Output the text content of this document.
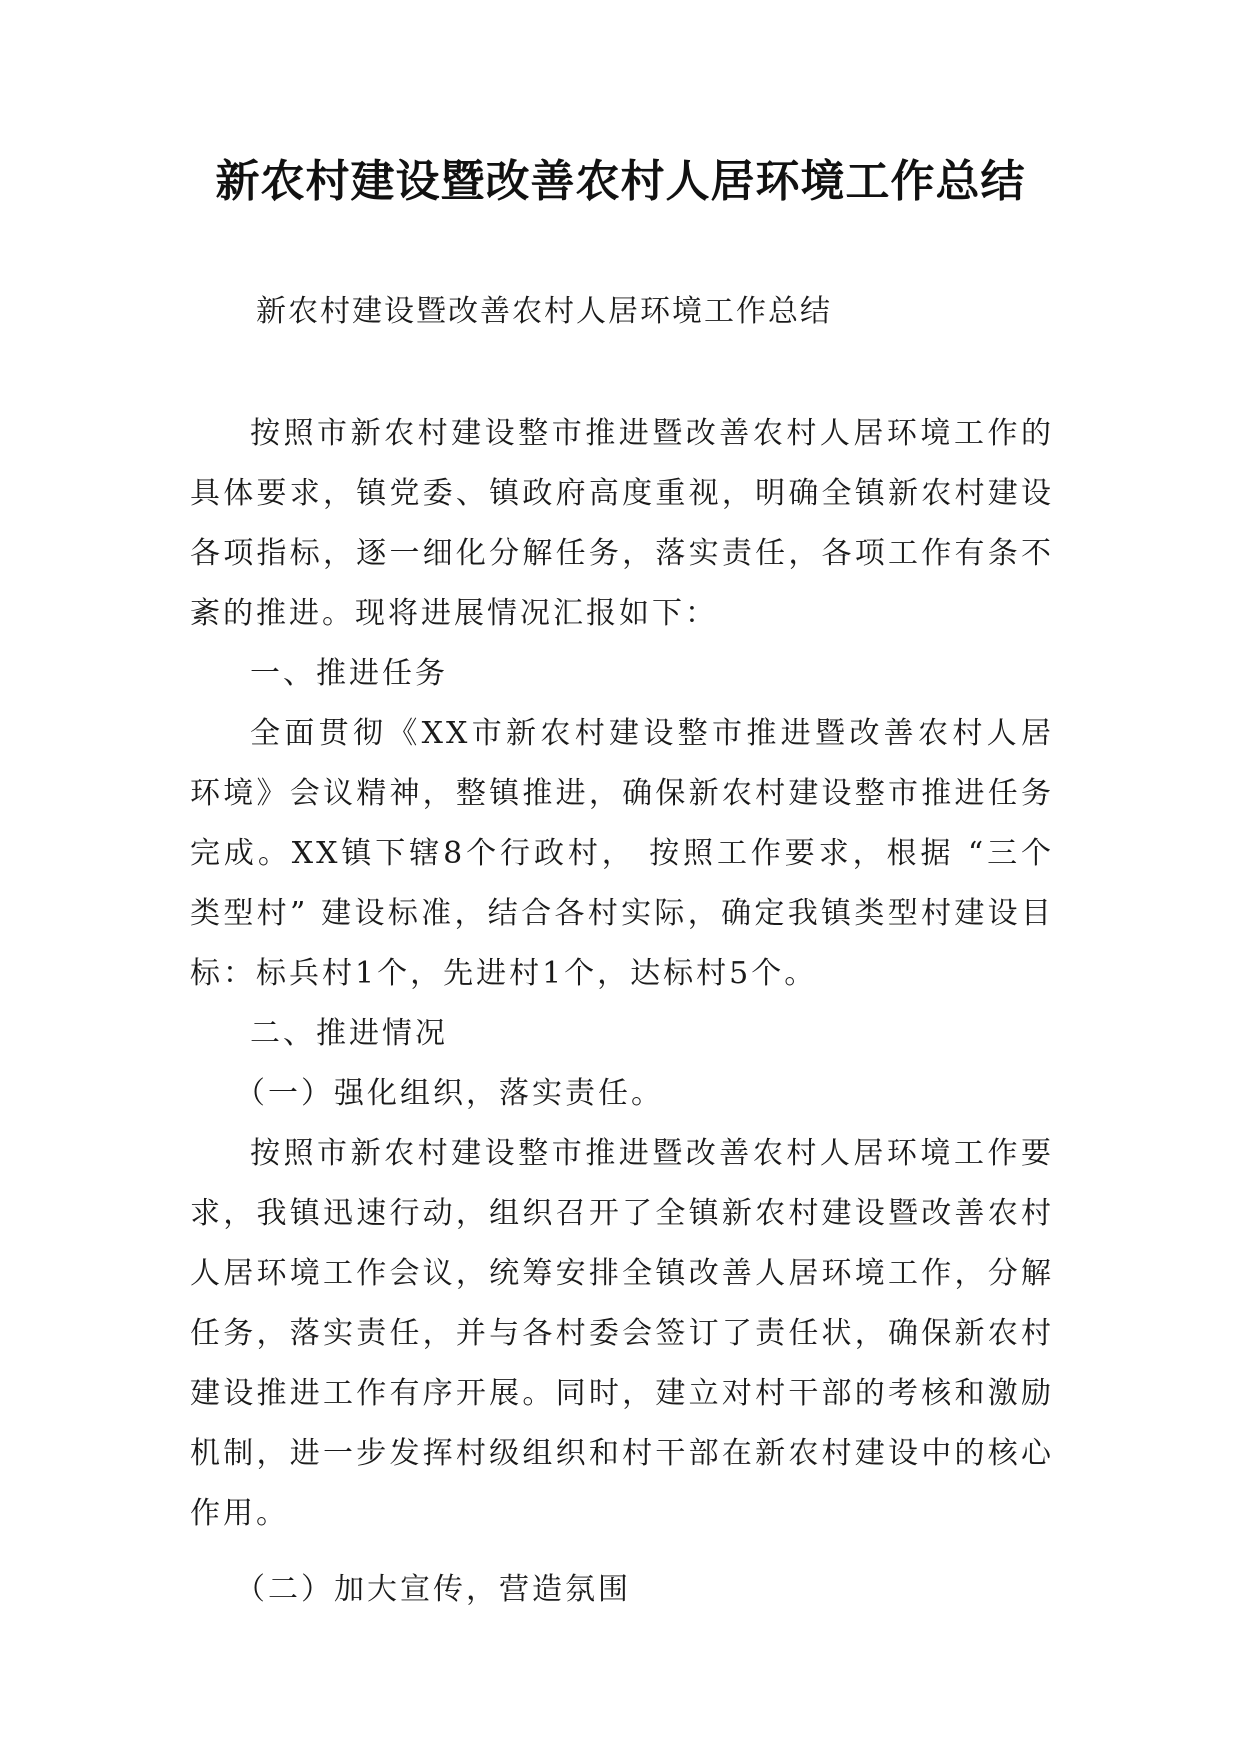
新农村建设暨改善农村人居环境工作总结
新农村建设暨改善农村人居环境工作总结

按照市新农村建设整市推进暨改善农村人居环境工作的具体要求，镇党委、镇政府高度重视，明确全镇新农村建设各项指标，逐一细化分解任务，落实责任，各项工作有条不紊的推进。现将进展情况汇报如下：

一、推进任务

全面贯彻《XX市新农村建设整市推进暨改善农村人居环境》会议精神，整镇推进，确保新农村建设整市推进任务完成。XX镇下辖8个行政村， 按照工作要求，根据 “三个类型村” 建设标准，结合各村实际，确定我镇类型村建设目标：标兵村1个，先进村1个，达标村5个。

二、推进情况

（一）强化组织，落实责任。

按照市新农村建设整市推进暨改善农村人居环境工作要求，我镇迅速行动，组织召开了全镇新农村建设暨改善农村人居环境工作会议，统筹安排全镇改善人居环境工作，分解任务，落实责任，并与各村委会签订了责任状，确保新农村建设推进工作有序开展。同时，建立对村干部的考核和激励机制，进一步发挥村级组织和村干部在新农村建设中的核心作用。

（二）加大宣传，营造氛围
